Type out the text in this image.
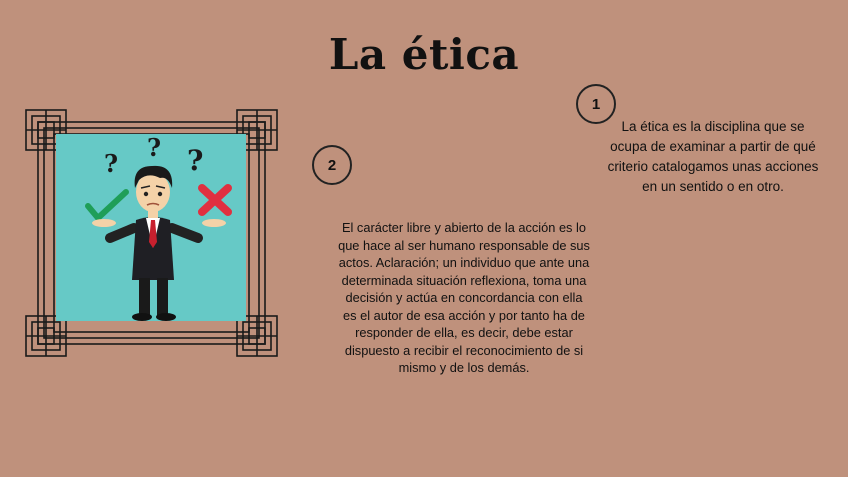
La ética
1
La ética es la disciplina que se ocupa de examinar a partir de qué criterio catalogamos unas acciones en un sentido o en otro.
2
El carácter libre y abierto de la acción es lo que hace al ser humano responsable de sus actos. Aclaración; un individuo que ante una determinada situación reflexiona, toma una decisión y actúa en concordancia con ella es el autor de esa acción y por tanto ha de responder de ella, es decir, debe estar dispuesto a recibir el reconocimiento de si mismo y de los demás.
?
? ?
